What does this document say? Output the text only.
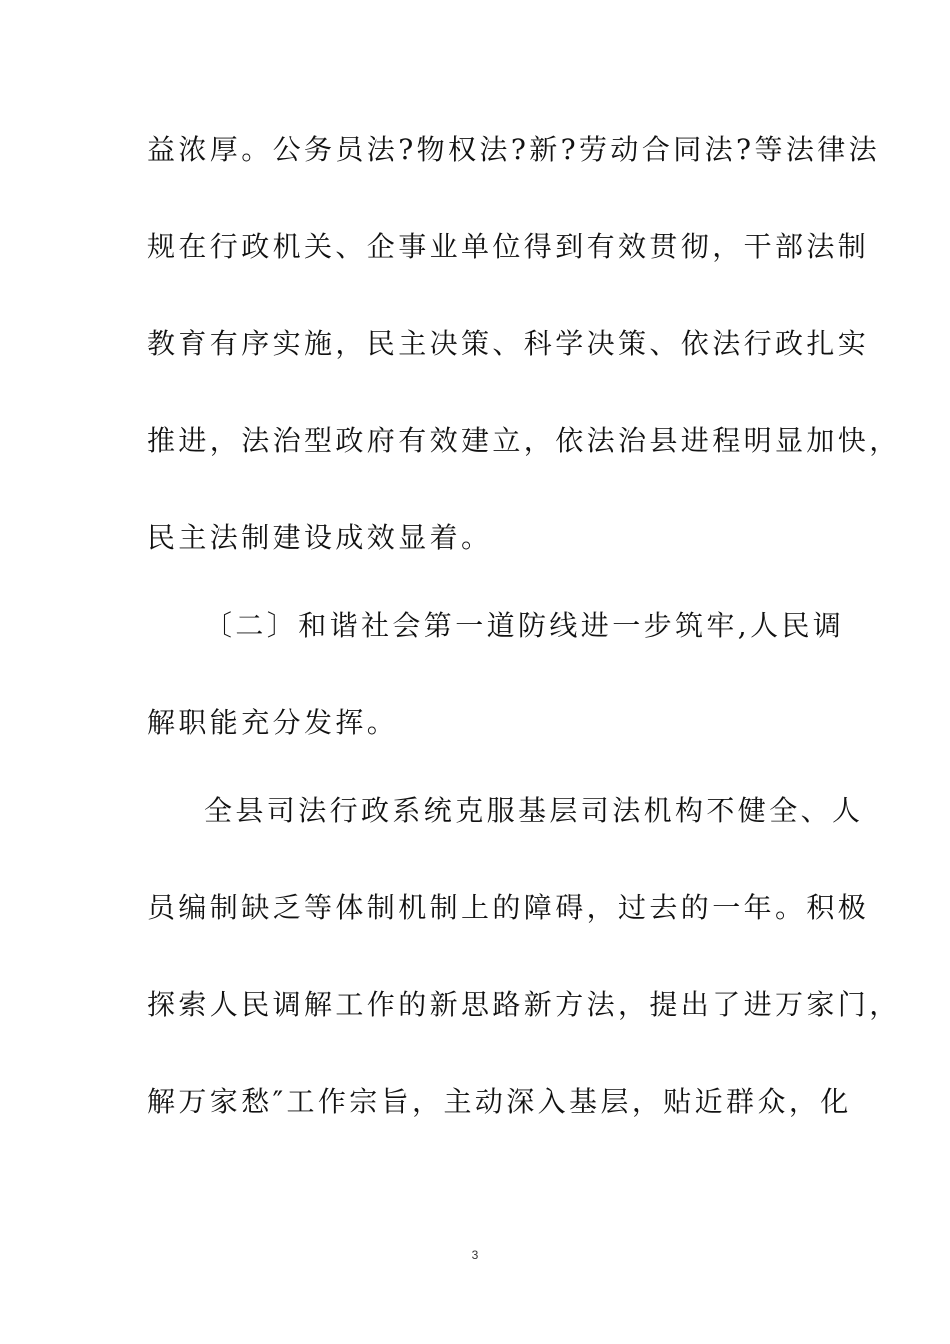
益浓厚。公务员法?物权法?新?劳动合同法?等法律法
规在行政机关、企事业单位得到有效贯彻，干部法制
教育有序实施，民主决策、科学决策、依法行政扎实
推进，法治型政府有效建立，依法治县进程明显加快，
民主法制建设成效显着。
〔二〕和谐社会第一道防线进一步筑牢,人民调
解职能充分发挥。
全县司法行政系统克服基层司法机构不健全、人
员编制缺乏等体制机制上的障碍，过去的一年。积极
探索人民调解工作的新思路新方法，提出了进万家门，
解万家愁″工作宗旨，主动深入基层，贴近群众，化
3
